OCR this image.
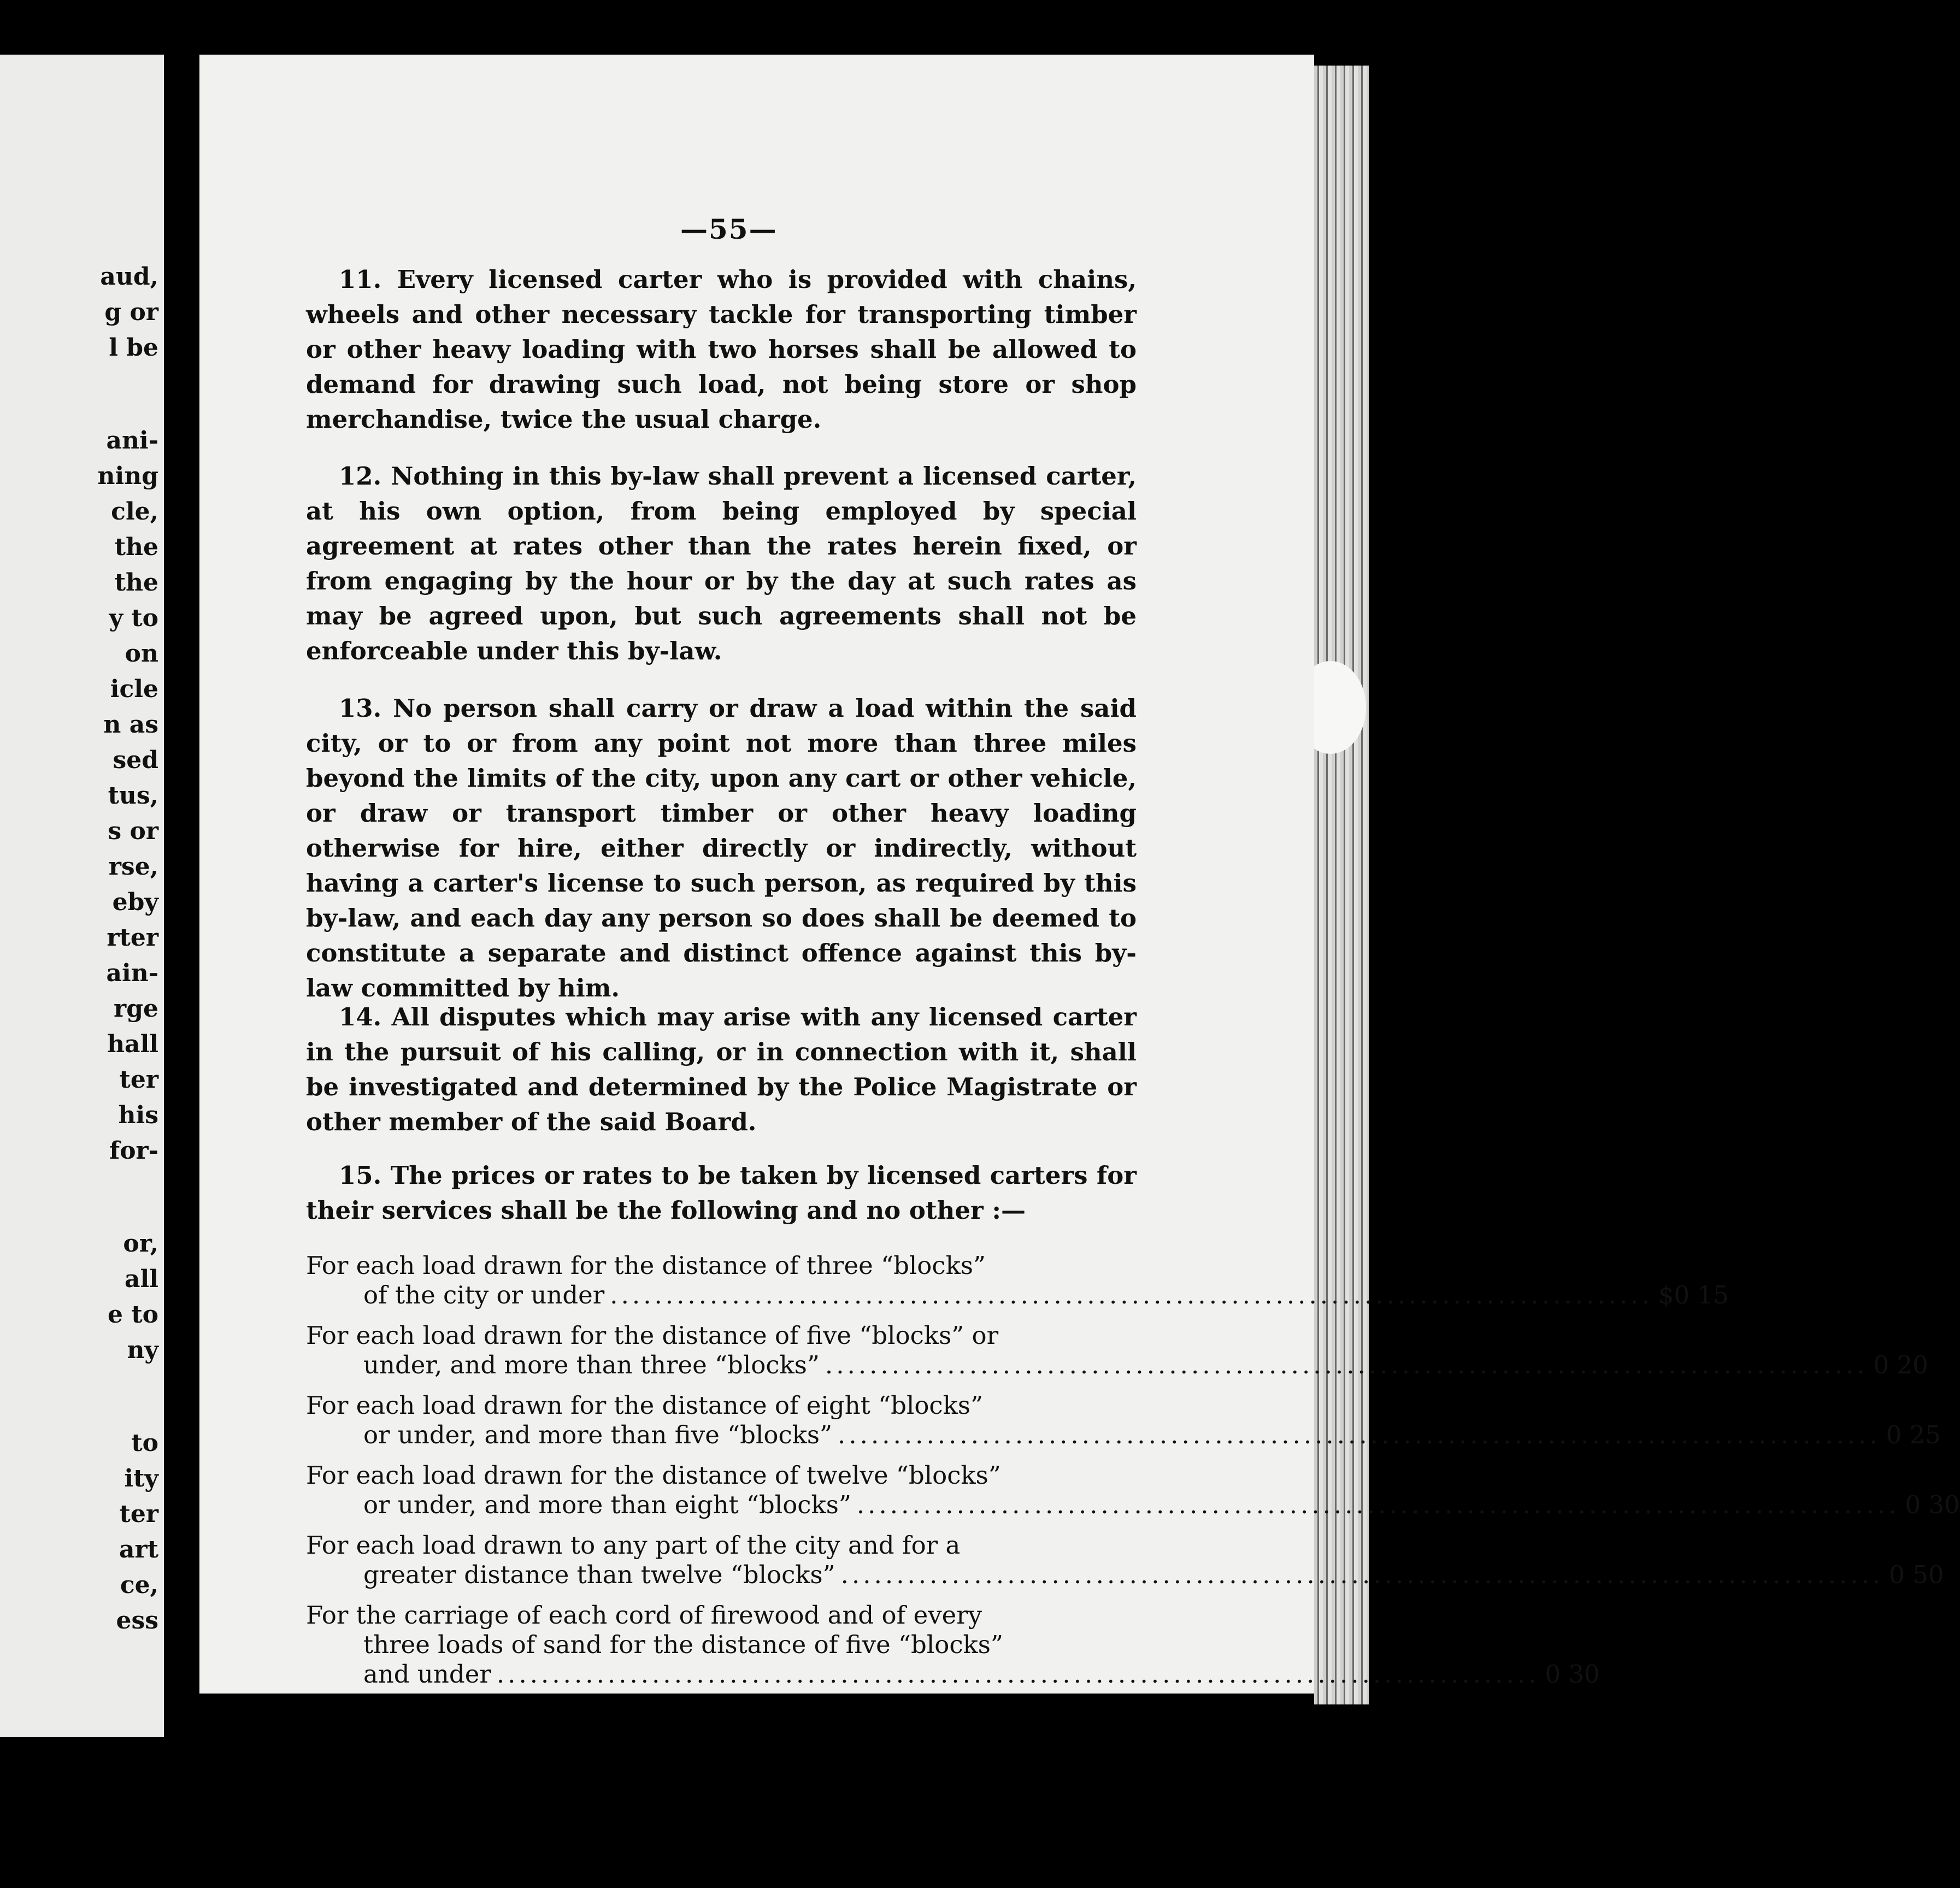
aud,
g or
l be
ani-
ning
cle,
the
the
y to
on
icle
n as
sed
tus,
s or
rse,
eby
rter
ain-
rge
hall
ter
his
for-
or,
all
e to
ny
to
ity
ter
art
ce,
ess
—55—

11. Every licensed carter who is provided with chains, wheels and other necessary tackle for transporting timber or other heavy loading with two horses shall be allowed to demand for drawing such load, not being store or shop merchandise, twice the usual charge.

12. Nothing in this by-law shall prevent a licensed carter, at his own option, from being employed by special agreement at rates other than the rates herein fixed, or from engaging by the hour or by the day at such rates as may be agreed upon, but such agreements shall not be enforceable under this by-law.

13. No person shall carry or draw a load within the said city, or to or from any point not more than three miles beyond the limits of the city, upon any cart or other vehicle, or draw or transport timber or other heavy loading otherwise for hire, either directly or indirectly, without having a carter's license to such person, as required by this by-law, and each day any person so does shall be deemed to constitute a separate and distinct offence against this by-law committed by him.

14. All disputes which may arise with any licensed carter in the pursuit of his calling, or in connection with it, shall be investigated and determined by the Police Magistrate or other member of the said Board.

15. The prices or rates to be taken by licensed carters for their services shall be the following and no other :—

For each load drawn for the distance of three “blocks”
of the city or under .............................................................................................. $0 15
For each load drawn for the distance of five “blocks” or
under, and more than three “blocks” .............................................................................................. 0 20
For each load drawn for the distance of eight “blocks”
or under, and more than five “blocks” .............................................................................................. 0 25
For each load drawn for the distance of twelve “blocks”
or under, and more than eight “blocks” .............................................................................................. 0 30
For each load drawn to any part of the city and for a
greater distance than twelve “blocks” .............................................................................................. 0 50
For the carriage of each cord of firewood and of every
three loads of sand for the distance of five “blocks”
and under .............................................................................................. 0 30
